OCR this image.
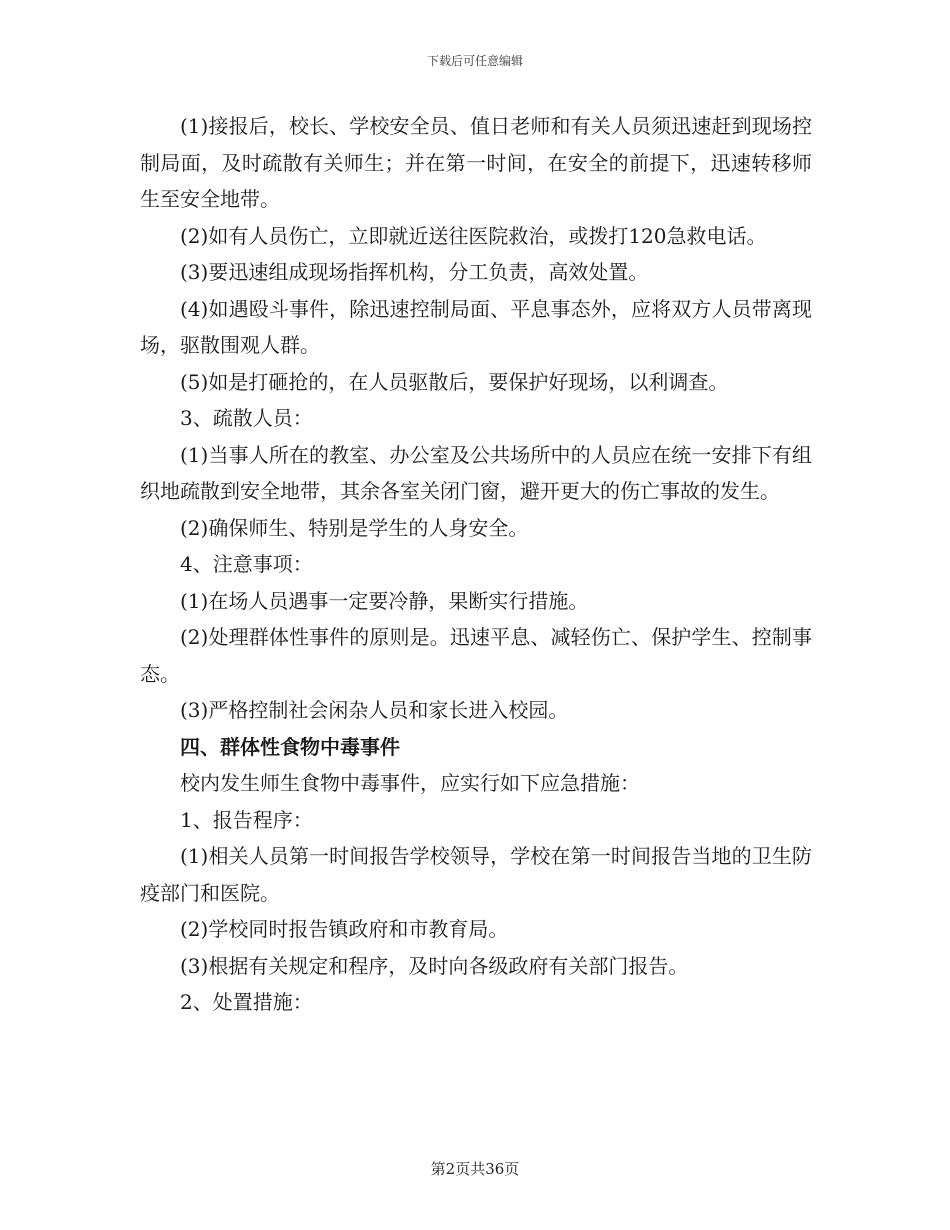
下载后可任意编辑

(1)接报后，校长、学校安全员、值日老师和有关人员须迅速赶到现场控制局面，及时疏散有关师生；并在第一时间，在安全的前提下，迅速转移师生至安全地带。

(2)如有人员伤亡，立即就近送往医院救治，或拨打120急救电话。

(3)要迅速组成现场指挥机构，分工负责，高效处置。

(4)如遇殴斗事件，除迅速控制局面、平息事态外，应将双方人员带离现场，驱散围观人群。

(5)如是打砸抢的，在人员驱散后，要保护好现场，以利调查。

3、疏散人员：

(1)当事人所在的教室、办公室及公共场所中的人员应在统一安排下有组织地疏散到安全地带，其余各室关闭门窗，避开更大的伤亡事故的发生。

(2)确保师生、特别是学生的人身安全。

4、注意事项：

(1)在场人员遇事一定要冷静，果断实行措施。

(2)处理群体性事件的原则是。迅速平息、减轻伤亡、保护学生、控制事态。

(3)严格控制社会闲杂人员和家长进入校园。

四、群体性食物中毒事件

校内发生师生食物中毒事件，应实行如下应急措施：

1、报告程序：

(1)相关人员第一时间报告学校领导，学校在第一时间报告当地的卫生防疫部门和医院。

(2)学校同时报告镇政府和市教育局。

(3)根据有关规定和程序，及时向各级政府有关部门报告。

2、处置措施：

第2页共36页
